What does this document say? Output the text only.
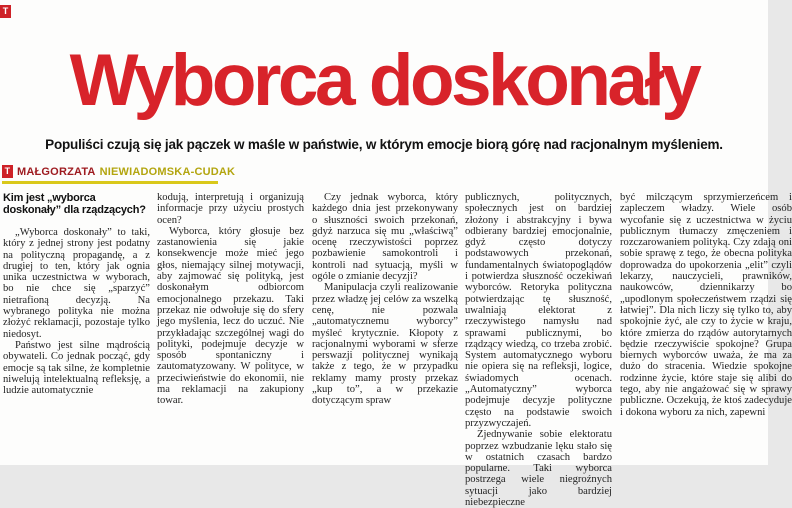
T
Wyborca doskonały

Populiści czują się jak pączek w maśle w państwie, w którym emocje biorą górę nad racjonalnym myśleniem.

T MAŁGORZATA NIEWIADOMSKA-CUDAK
Kim jest „wyborca doskonały” dla rządzących?

„Wyborca doskonały” to taki, który z jednej strony jest podatny na polityczną propagandę, a z drugiej to ten, który jak ognia unika uczestnictwa w wyborach, bo nie chce się „sparzyć” nietrafioną decyzją. Na wybranego polityka nie można złożyć reklamacji, pozostaje tylko niedosyt.

Państwo jest silne mądrością obywateli. Co jednak począć, gdy emocje są tak silne, że kompletnie niwelują intelektualną refleksję, a ludzie automatycznie

kodują, interpretują i organizują informacje przy użyciu prostych ocen?

Wyborca, który głosuje bez zastanowienia się jakie konsekwencje może mieć jego głos, niemający silnej motywacji, aby zajmować się polityką, jest doskonałym odbiorcom emocjonalnego przekazu. Taki przekaz nie odwołuje się do sfery jego myślenia, lecz do uczuć. Nie przykładając szczególnej wagi do polityki, podejmuje decyzje w sposób spontaniczny i zautomatyzowany. W polityce, w przeciwieństwie do ekonomii, nie ma reklamacji na zakupiony towar.

Czy jednak wyborca, który każdego dnia jest przekonywany o słuszności swoich przekonań, gdyż narzuca się mu „właściwą” ocenę rzeczywistości poprzez pozbawienie samokontroli i kontroli nad sytuacją, myśli w ogóle o zmianie decyzji?

Manipulacja czyli realizowanie przez władzę jej celów za wszelką cenę, nie pozwala „automatycznemu wyborcy” myśleć krytycznie. Kłopoty z racjonalnymi wyborami w sferze perswazji politycznej wynikają także z tego, że w przypadku reklamy mamy prosty przekaz „kup to”, a w przekazie dotyczącym spraw

publicznych, politycznych, społecznych jest on bardziej złożony i abstrakcyjny i bywa odbierany bardziej emocjonalnie, gdyż często dotyczy podstawowych przekonań, fundamentalnych światopoglądów i potwierdza słuszność oczekiwań wyborców. Retoryka polityczna potwierdzając tę słuszność, uwalniają elektorat z rzeczywistego namysłu nad sprawami publicznymi, bo rządzący wiedzą, co trzeba zrobić. System automatycznego wyboru nie opiera się na refleksji, logice, świadomych ocenach. „Automatyczny” wyborca podejmuje decyzje polityczne często na podstawie swoich przyzwyczajeń.

Zjednywanie sobie elektoratu poprzez wzbudzanie lęku stało się w ostatnich czasach bardzo popularne. Taki wyborca postrzega wiele niegroźnych sytuacji jako bardziej niebezpieczne

być milczącym sprzymierzeńcem i zapleczem władzy. Wiele osób wycofanie się z uczestnictwa w życiu publicznym tłumaczy zmęczeniem i rozczarowaniem polityką. Czy zdają oni sobie sprawę z tego, że obecna polityka doprowadza do upokorzenia „elit” czyli lekarzy, nauczycieli, prawników, naukowców, dziennikarzy bo „upodlonym społeczeństwem rządzi się łatwiej”. Dla nich liczy się tylko to, aby spokojnie żyć, ale czy to życie w kraju, które zmierza do rządów autorytarnych będzie rzeczywiście spokojne? Grupa biernych wyborców uważa, że ma za dużo do stracenia. Wiedzie spokojne rodzinne życie, które staje się alibi do tego, aby nie angażować się w sprawy publiczne. Oczekują, że ktoś zadecyduje i dokona wyboru za nich, zapewni
